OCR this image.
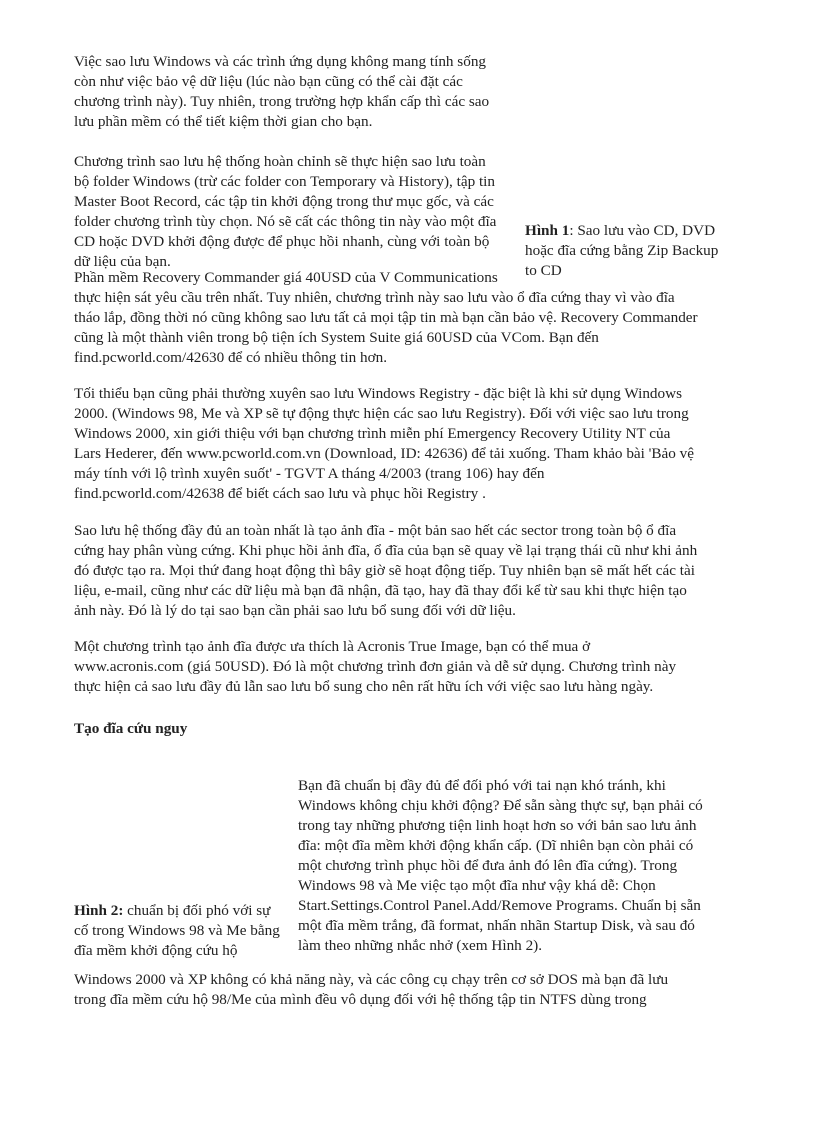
Việc sao lưu Windows và các trình ứng dụng không mang tính sống
còn như việc bảo vệ dữ liệu (lúc nào bạn cũng có thể cài đặt các
chương trình này). Tuy nhiên, trong trường hợp khẩn cấp thì các sao
lưu phần mềm có thể tiết kiệm thời gian cho bạn.
Chương trình sao lưu hệ thống hoàn chỉnh sẽ thực hiện sao lưu toàn
bộ folder Windows (trừ các folder con Temporary và History), tập tin
Master Boot Record, các tập tin khởi động trong thư mục gốc, và các
folder chương trình tùy chọn. Nó sẽ cất các thông tin này vào một đĩa
CD hoặc DVD khởi động được để phục hồi nhanh, cùng với toàn bộ
dữ liệu của bạn.
Hình 1: Sao lưu vào CD, DVD
hoặc đĩa cứng bằng Zip Backup
to CD
Phần mềm Recovery Commander giá 40USD của V Communications
thực hiện sát yêu cầu trên nhất. Tuy nhiên, chương trình này sao lưu vào ổ đĩa cứng thay vì vào đĩa
tháo lắp, đồng thời nó cũng không sao lưu tất cả mọi tập tin mà bạn cần bảo vệ. Recovery Commander
cũng là một thành viên trong bộ tiện ích System Suite giá 60USD của VCom. Bạn đến
find.pcworld.com/42630 để có nhiều thông tin hơn.
Tối thiểu bạn cũng phải thường xuyên sao lưu Windows Registry - đặc biệt là khi sử dụng Windows
2000. (Windows 98, Me và XP sẽ tự động thực hiện các sao lưu Registry). Đối với việc sao lưu trong
Windows 2000, xin giới thiệu với bạn chương trình miễn phí Emergency Recovery Utility NT của
Lars Hederer, đến www.pcworld.com.vn (Download, ID: 42636) để tải xuống. Tham khảo bài 'Bảo vệ
máy tính với lộ trình xuyên suốt' - TGVT A tháng 4/2003 (trang 106) hay đến
find.pcworld.com/42638 để biết cách sao lưu và phục hồi Registry .
Sao lưu hệ thống đầy đủ an toàn nhất là tạo ảnh đĩa - một bản sao hết các sector trong toàn bộ ổ đĩa
cứng hay phân vùng cứng. Khi phục hồi ảnh đĩa, ổ đĩa của bạn sẽ quay về lại trạng thái cũ như khi ảnh
đó được tạo ra. Mọi thứ đang hoạt động thì bây giờ sẽ hoạt động tiếp. Tuy nhiên bạn sẽ mất hết các tài
liệu, e-mail, cũng như các dữ liệu mà bạn đã nhận, đã tạo, hay đã thay đổi kể từ sau khi thực hiện tạo
ảnh này. Đó là lý do tại sao bạn cần phải sao lưu bổ sung đối với dữ liệu.
Một chương trình tạo ảnh đĩa được ưa thích là Acronis True Image, bạn có thể mua ở
www.acronis.com (giá 50USD). Đó là một chương trình đơn giản và dễ sử dụng. Chương trình này
thực hiện cả sao lưu đầy đủ lẫn sao lưu bổ sung cho nên rất hữu ích với việc sao lưu hàng ngày.
Tạo đĩa cứu nguy
Bạn đã chuẩn bị đầy đủ để đối phó với tai nạn khó tránh, khi
Windows không chịu khởi động? Để sẵn sàng thực sự, bạn phải có
trong tay những phương tiện linh hoạt hơn so với bản sao lưu ảnh
đĩa: một đĩa mềm khởi động khẩn cấp. (Dĩ nhiên bạn còn phải có
một chương trình phục hồi để đưa ảnh đó lên đĩa cứng). Trong
Windows 98 và Me việc tạo một đĩa như vậy khá dễ: Chọn
Start.Settings.Control Panel.Add/Remove Programs. Chuẩn bị sẵn
một đĩa mềm trắng, đã format, nhấn nhãn Startup Disk, và sau đó
làm theo những nhắc nhở (xem Hình 2).
Hình 2: chuẩn bị đối phó với sự
cố trong Windows 98 và Me bằng
đĩa mềm khởi động cứu hộ
Windows 2000 và XP không có khả năng này, và các công cụ chạy trên cơ sở DOS mà bạn đã lưu
trong đĩa mềm cứu hộ 98/Me của mình đều vô dụng đối với hệ thống tập tin NTFS dùng trong
